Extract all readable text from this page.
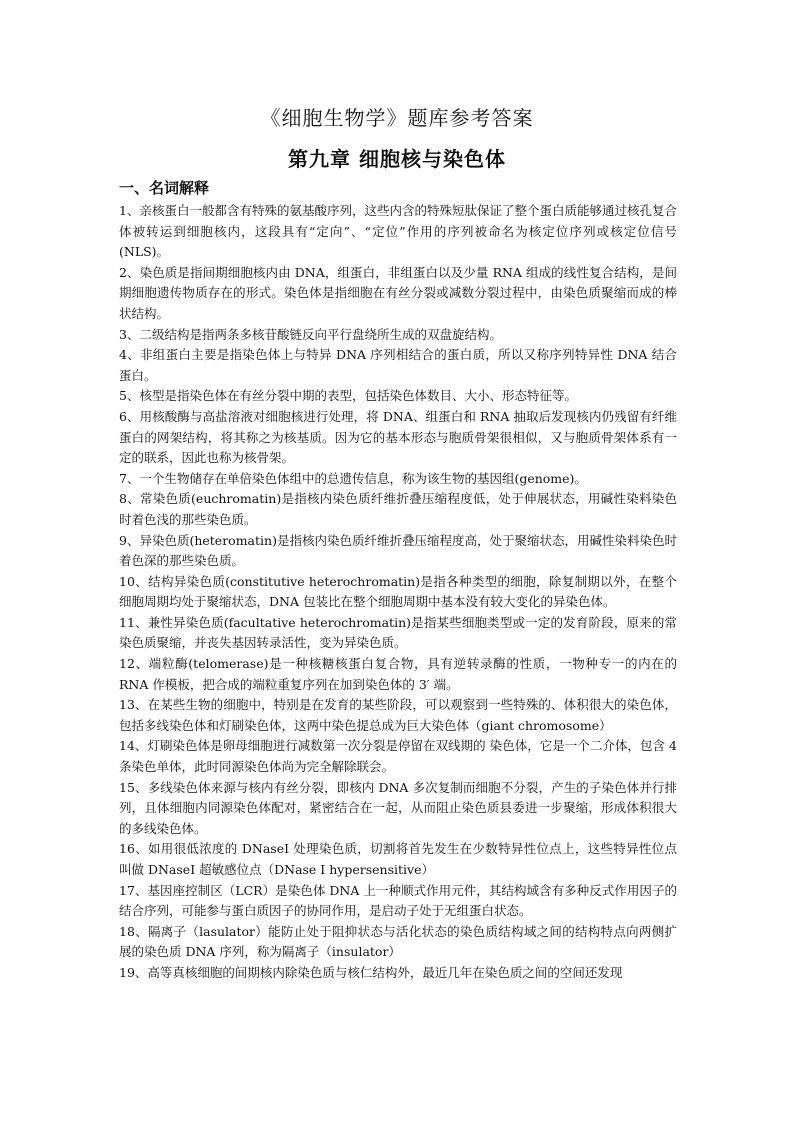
《细胞生物学》题库参考答案
第九章 细胞核与染色体
一、名词解释

1、亲核蛋白一般都含有特殊的氨基酸序列，这些内含的特殊短肽保证了整个蛋白质能够通过核孔复合体被转运到细胞核内，这段具有“定向”、“定位”作用的序列被命名为核定位序列或核定位信号(NLS)。

2、染色质是指间期细胞核内由 DNA，组蛋白，非组蛋白以及少量 RNA 组成的线性复合结构，是间期细胞遗传物质存在的形式。染色体是指细胞在有丝分裂或减数分裂过程中，由染色质聚缩而成的棒状结构。

3、二级结构是指两条多核苷酸链反向平行盘绕所生成的双盘旋结构。

4、非组蛋白主要是指染色体上与特异 DNA 序列相结合的蛋白质，所以又称序列特异性 DNA 结合蛋白。

5、核型是指染色体在有丝分裂中期的表型，包括染色体数目、大小、形态特征等。

6、用核酸酶与高盐溶液对细胞核进行处理，将 DNA、组蛋白和 RNA 抽取后发现核内仍残留有纤维蛋白的网架结构，将其称之为核基质。因为它的基本形态与胞质骨架很相似，又与胞质骨架体系有一定的联系，因此也称为核骨架。

7、一个生物储存在单倍染色体组中的总遗传信息，称为该生物的基因组(genome)。

8、常染色质(euchromatin)是指核内染色质纤维折叠压缩程度低，处于伸展状态，用碱性染料染色时着色浅的那些染色质。

9、异染色质(heteromatin)是指核内染色质纤维折叠压缩程度高，处于聚缩状态，用碱性染料染色时着色深的那些染色质。

10、结构异染色质(constitutive heterochromatin)是指各种类型的细胞，除复制期以外，在整个细胞周期均处于聚缩状态，DNA 包装比在整个细胞周期中基本没有较大变化的异染色体。

11、兼性异染色质(facultative heterochromatin)是指某些细胞类型或一定的发育阶段，原来的常染色质聚缩，并丧失基因转录活性，变为异染色质。

12、端粒酶(telomerase)是一种核糖核蛋白复合物，具有逆转录酶的性质，一物种专一的内在的RNA 作模板，把合成的端粒重复序列在加到染色体的 3′ 端。

13、在某些生物的细胞中，特别是在发育的某些阶段，可以观察到一些特殊的、体积很大的染色体，包括多线染色体和灯刷染色体，这两中染色提总成为巨大染色体（giant chromosome）

14、灯刷染色体是卵母细胞进行减数第一次分裂是停留在双线期的 染色体，它是一个二介体，包含 4 条染色单体，此时同源染色体尚为完全解除联会。

15、多线染色体来源与核内有丝分裂，即核内 DNA 多次复制而细胞不分裂，产生的子染色体并行排列，且体细胞内同源染色体配对，紧密结合在一起，从而阻止染色质县委进一步聚缩，形成体积很大的多线染色体。

16、如用很低浓度的 DNaseI 处理染色质，切割将首先发生在少数特异性位点上，这些特异性位点叫做 DNaseI 超敏感位点（DNase I hypersensitive）

17、基因座控制区（LCR）是染色体 DNA 上一种顺式作用元件，其结构域含有多种反式作用因子的结合序列，可能参与蛋白质因子的协同作用，是启动子处于无组蛋白状态。

18、隔离子（lasulator）能防止处于阻抑状态与活化状态的染色质结构域之间的结构特点向两侧扩展的染色质 DNA 序列，称为隔离子（insulator）

19、高等真核细胞的间期核内除染色质与核仁结构外，最近几年在染色质之间的空间还发现
